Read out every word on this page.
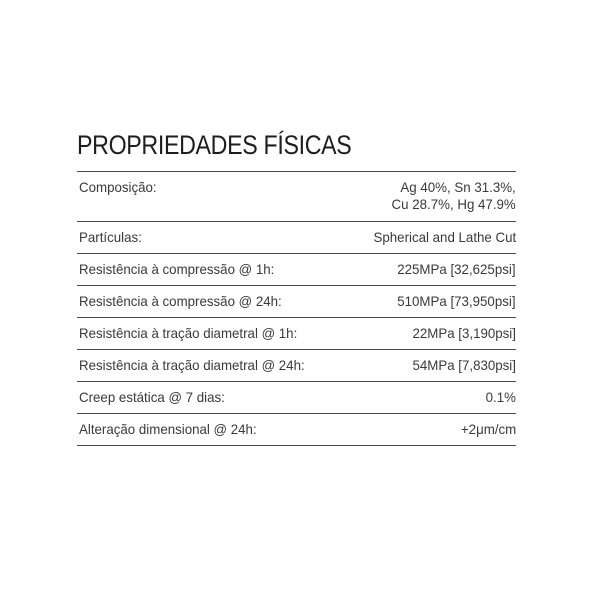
PROPRIEDADES FÍSICAS
Composição:	Ag 40%, Sn 31.3%,
Cu 28.7%, Hg 47.9%
Partículas:	Spherical and Lathe Cut
Resistência à compressão @ 1h:	225MPa [32,625psi]
Resistência à compressão @ 24h:	510MPa [73,950psi]
Resistência à tração diametral @ 1h:	22MPa [3,190psi]
Resistência à tração diametral @ 24h:	54MPa [7,830psi]
Creep estática @ 7 dias:	0.1%
Alteração dimensional @ 24h:	+2μm/cm
